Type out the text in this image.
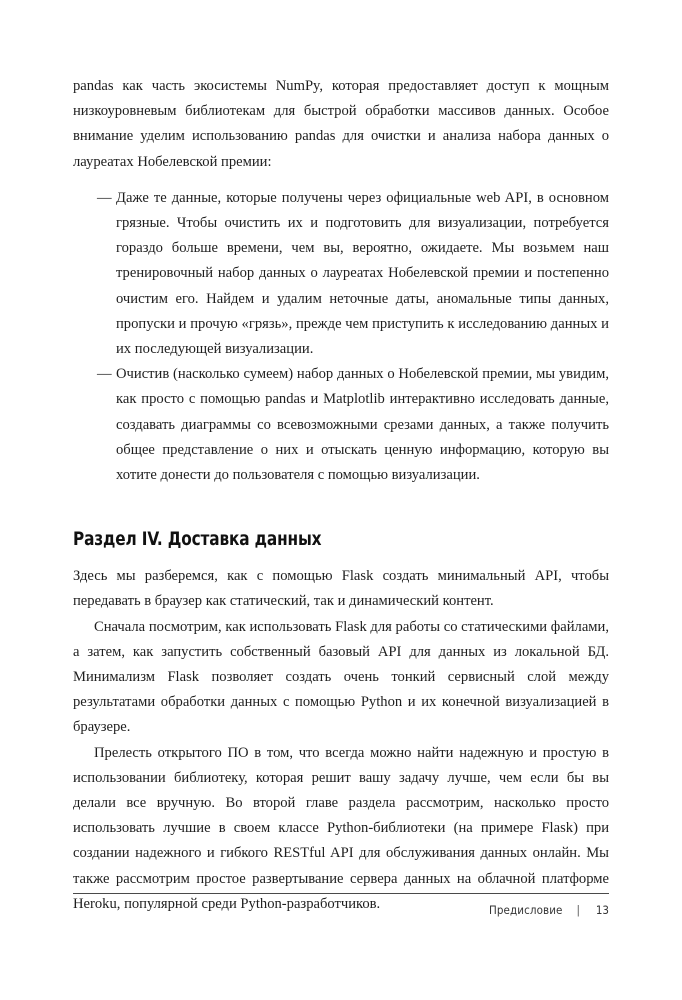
pandas как часть экосистемы NumPy, которая предоставляет доступ к мощным низкоуровневым библиотекам для быстрой обработки массивов данных. Особое внимание уделим использованию pandas для очистки и анализа набора данных о лауреатах Нобелевской премии:

— Даже те данные, которые получены через официальные web API, в основном грязные. Чтобы очистить их и подготовить для визуализации, потребуется гораздо больше времени, чем вы, вероятно, ожидаете. Мы возьмем наш тренировочный набор данных о лауреатах Нобелевской премии и постепенно очистим его. Найдем и удалим неточные даты, аномальные типы данных, пропуски и прочую «грязь», прежде чем приступить к исследованию данных и их последующей визуализации.
— Очистив (насколько сумеем) набор данных о Нобелевской премии, мы увидим, как просто с помощью pandas и Matplotlib интерактивно исследовать данные, создавать диаграммы со всевозможными срезами данных, а также получить общее представление о них и отыскать ценную информацию, которую вы хотите донести до пользователя с помощью визуализации.
Раздел IV. Доставка данных

Здесь мы разберемся, как с помощью Flask создать минимальный API, чтобы передавать в браузер как статический, так и динамический контент.

Сначала посмотрим, как использовать Flask для работы со статическими файлами, а затем, как запустить собственный базовый API для данных из локальной БД. Минимализм Flask позволяет создать очень тонкий сервисный слой между результатами обработки данных с помощью Python и их конечной визуализацией в браузере.

Прелесть открытого ПО в том, что всегда можно найти надежную и простую в использовании библиотеку, которая решит вашу задачу лучше, чем если бы вы делали все вручную. Во второй главе раздела рассмотрим, насколько просто использовать лучшие в своем классе Python-библиотеки (на примере Flask) при создании надежного и гибкого RESTful API для обслуживания данных онлайн. Мы также рассмотрим простое развертывание сервера данных на облачной платформе Heroku, популярной среди Python-разработчиков.	Предисловие | 13
